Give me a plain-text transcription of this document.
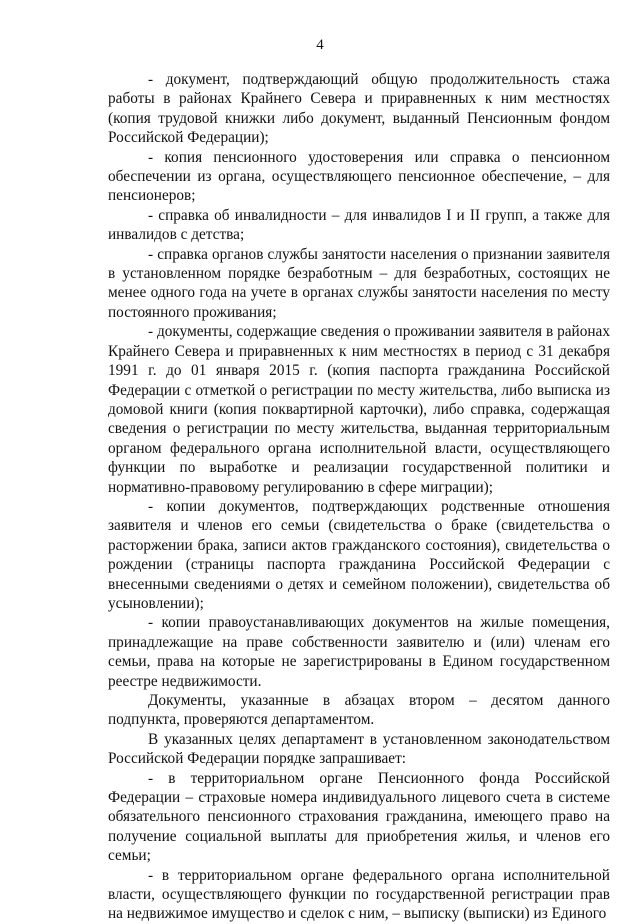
4

- документ, подтверждающий общую продолжительность стажа работы в районах Крайнего Севера и приравненных к ним местностях (копия трудовой книжки либо документ, выданный Пенсионным фондом Российской Федерации);

- копия пенсионного удостоверения или справка о пенсионном обеспечении из органа, осуществляющего пенсионное обеспечение, – для пенсионеров;

- справка об инвалидности – для инвалидов I и II групп, а также для инвалидов с детства;

- справка органов службы занятости населения о признании заявителя в установленном порядке безработным – для безработных, состоящих не менее одного года на учете в органах службы занятости населения по месту постоянного проживания;

- документы, содержащие сведения о проживании заявителя в районах Крайнего Севера и приравненных к ним местностях в период с 31 декабря 1991 г. до 01 января 2015 г. (копия паспорта гражданина Российской Федерации с отметкой о регистрации по месту жительства, либо выписка из домовой книги (копия поквартирной карточки), либо справка, содержащая сведения о регистрации по месту жительства, выданная территориальным органом федерального органа исполнительной власти, осуществляющего функции по выработке и реализации государственной политики и нормативно-правовому регулированию в сфере миграции);

- копии документов, подтверждающих родственные отношения заявителя и членов его семьи (свидетельства о браке (свидетельства о расторжении брака, записи актов гражданского состояния), свидетельства о рождении (страницы паспорта гражданина Российской Федерации с внесенными сведениями о детях и семейном положении), свидетельства об усыновлении);

- копии правоустанавливающих документов на жилые помещения, принадлежащие на праве собственности заявителю и (или) членам его семьи, права на которые не зарегистрированы в Едином государственном реестре недвижимости.

Документы, указанные в абзацах втором – десятом данного подпункта, проверяются департаментом.

В указанных целях департамент в установленном законодательством Российской Федерации порядке запрашивает:

- в территориальном органе Пенсионного фонда Российской Федерации – страховые номера индивидуального лицевого счета в системе обязательного пенсионного страхования гражданина, имеющего право на получение социальной выплаты для приобретения жилья, и членов его семьи;

- в территориальном органе федерального органа исполнительной власти, осуществляющего функции по государственной регистрации прав на недвижимое имущество и сделок с ним, – выписку (выписки) из Единого
